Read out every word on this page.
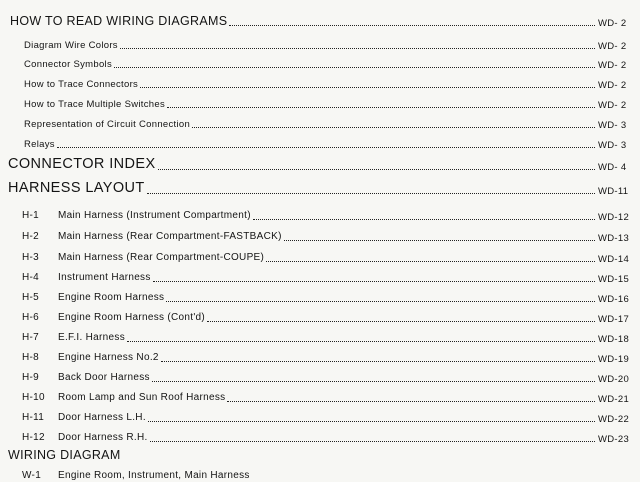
HOW TO READ WIRING DIAGRAMS	WD- 2
Diagram Wire Colors	WD- 2
Connector Symbols	WD- 2
How to Trace Connectors	WD- 2
How to Trace Multiple Switches	WD- 2
Representation of Circuit Connection	WD- 3
Relays	WD- 3
CONNECTOR INDEX	WD- 4
HARNESS LAYOUT	WD-11
H-1	Main Harness (Instrument Compartment)	WD-12
H-2	Main Harness (Rear Compartment-FASTBACK)	WD-13
H-3	Main Harness (Rear Compartment-COUPE)	WD-14
H-4	Instrument Harness	WD-15
H-5	Engine Room Harness	WD-16
H-6	Engine Room Harness (Cont'd)	WD-17
H-7	E.F.I. Harness	WD-18
H-8	Engine Harness No.2	WD-19
H-9	Back Door Harness	WD-20
H-10	Room Lamp and Sun Roof Harness	WD-21
H-11	Door Harness L.H.	WD-22
H-12	Door Harness R.H.	WD-23
WIRING DIAGRAM
W-1	Engine Room, Instrument, Main Harness
